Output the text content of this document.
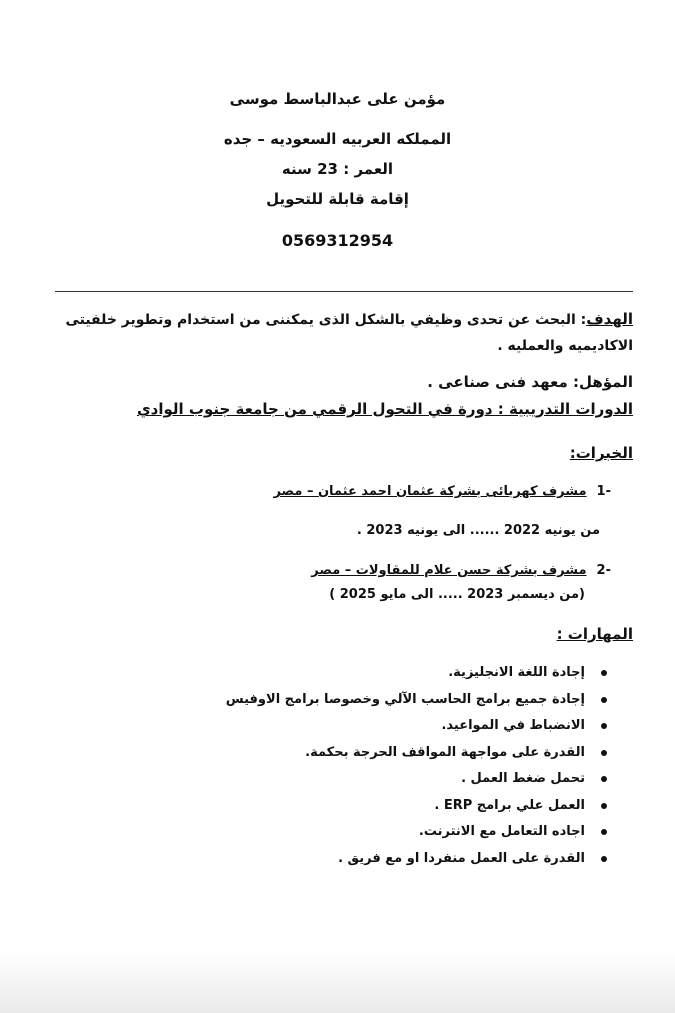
مؤمن على عبدالباسط موسى
المملكه العربيه السعوديه – جده
العمر : 23 سنه
إقامة قابلة للتحويل
0569312954
الهدف: البحث عن تحدى وظيفي بالشكل الذى يمكننى من استخدام وتطوير خلفيتى الاكاديميه والعمليه .
المؤهل: معهد فنى صناعى .
الدورات التدريبية : دورة في التحول الرقمي من جامعة جنوب الوادي
الخبرات:
-1مشرف كهربائى بشركة عثمان احمد عثمان – مصر
من يونيه 2022 ...... الى يونيه 2023 .
-2مشرف بشركة حسن علام للمقاولات – مصر
(من ديسمبر 2023 ..... الى مايو 2025 )
المهارات :
إجادة اللغة الانجليزية.
إجادة جميع برامج الحاسب الآلي وخصوصا برامج الاوفيس
الانضباط في المواعيد.
القدرة على مواجهة المواقف الحرجة بحكمة.
تحمل ضغط العمل .
العمل علي برامج ERP .
اجاده التعامل مع الانترنت.
القدرة على العمل منفردا او مع فريق .
